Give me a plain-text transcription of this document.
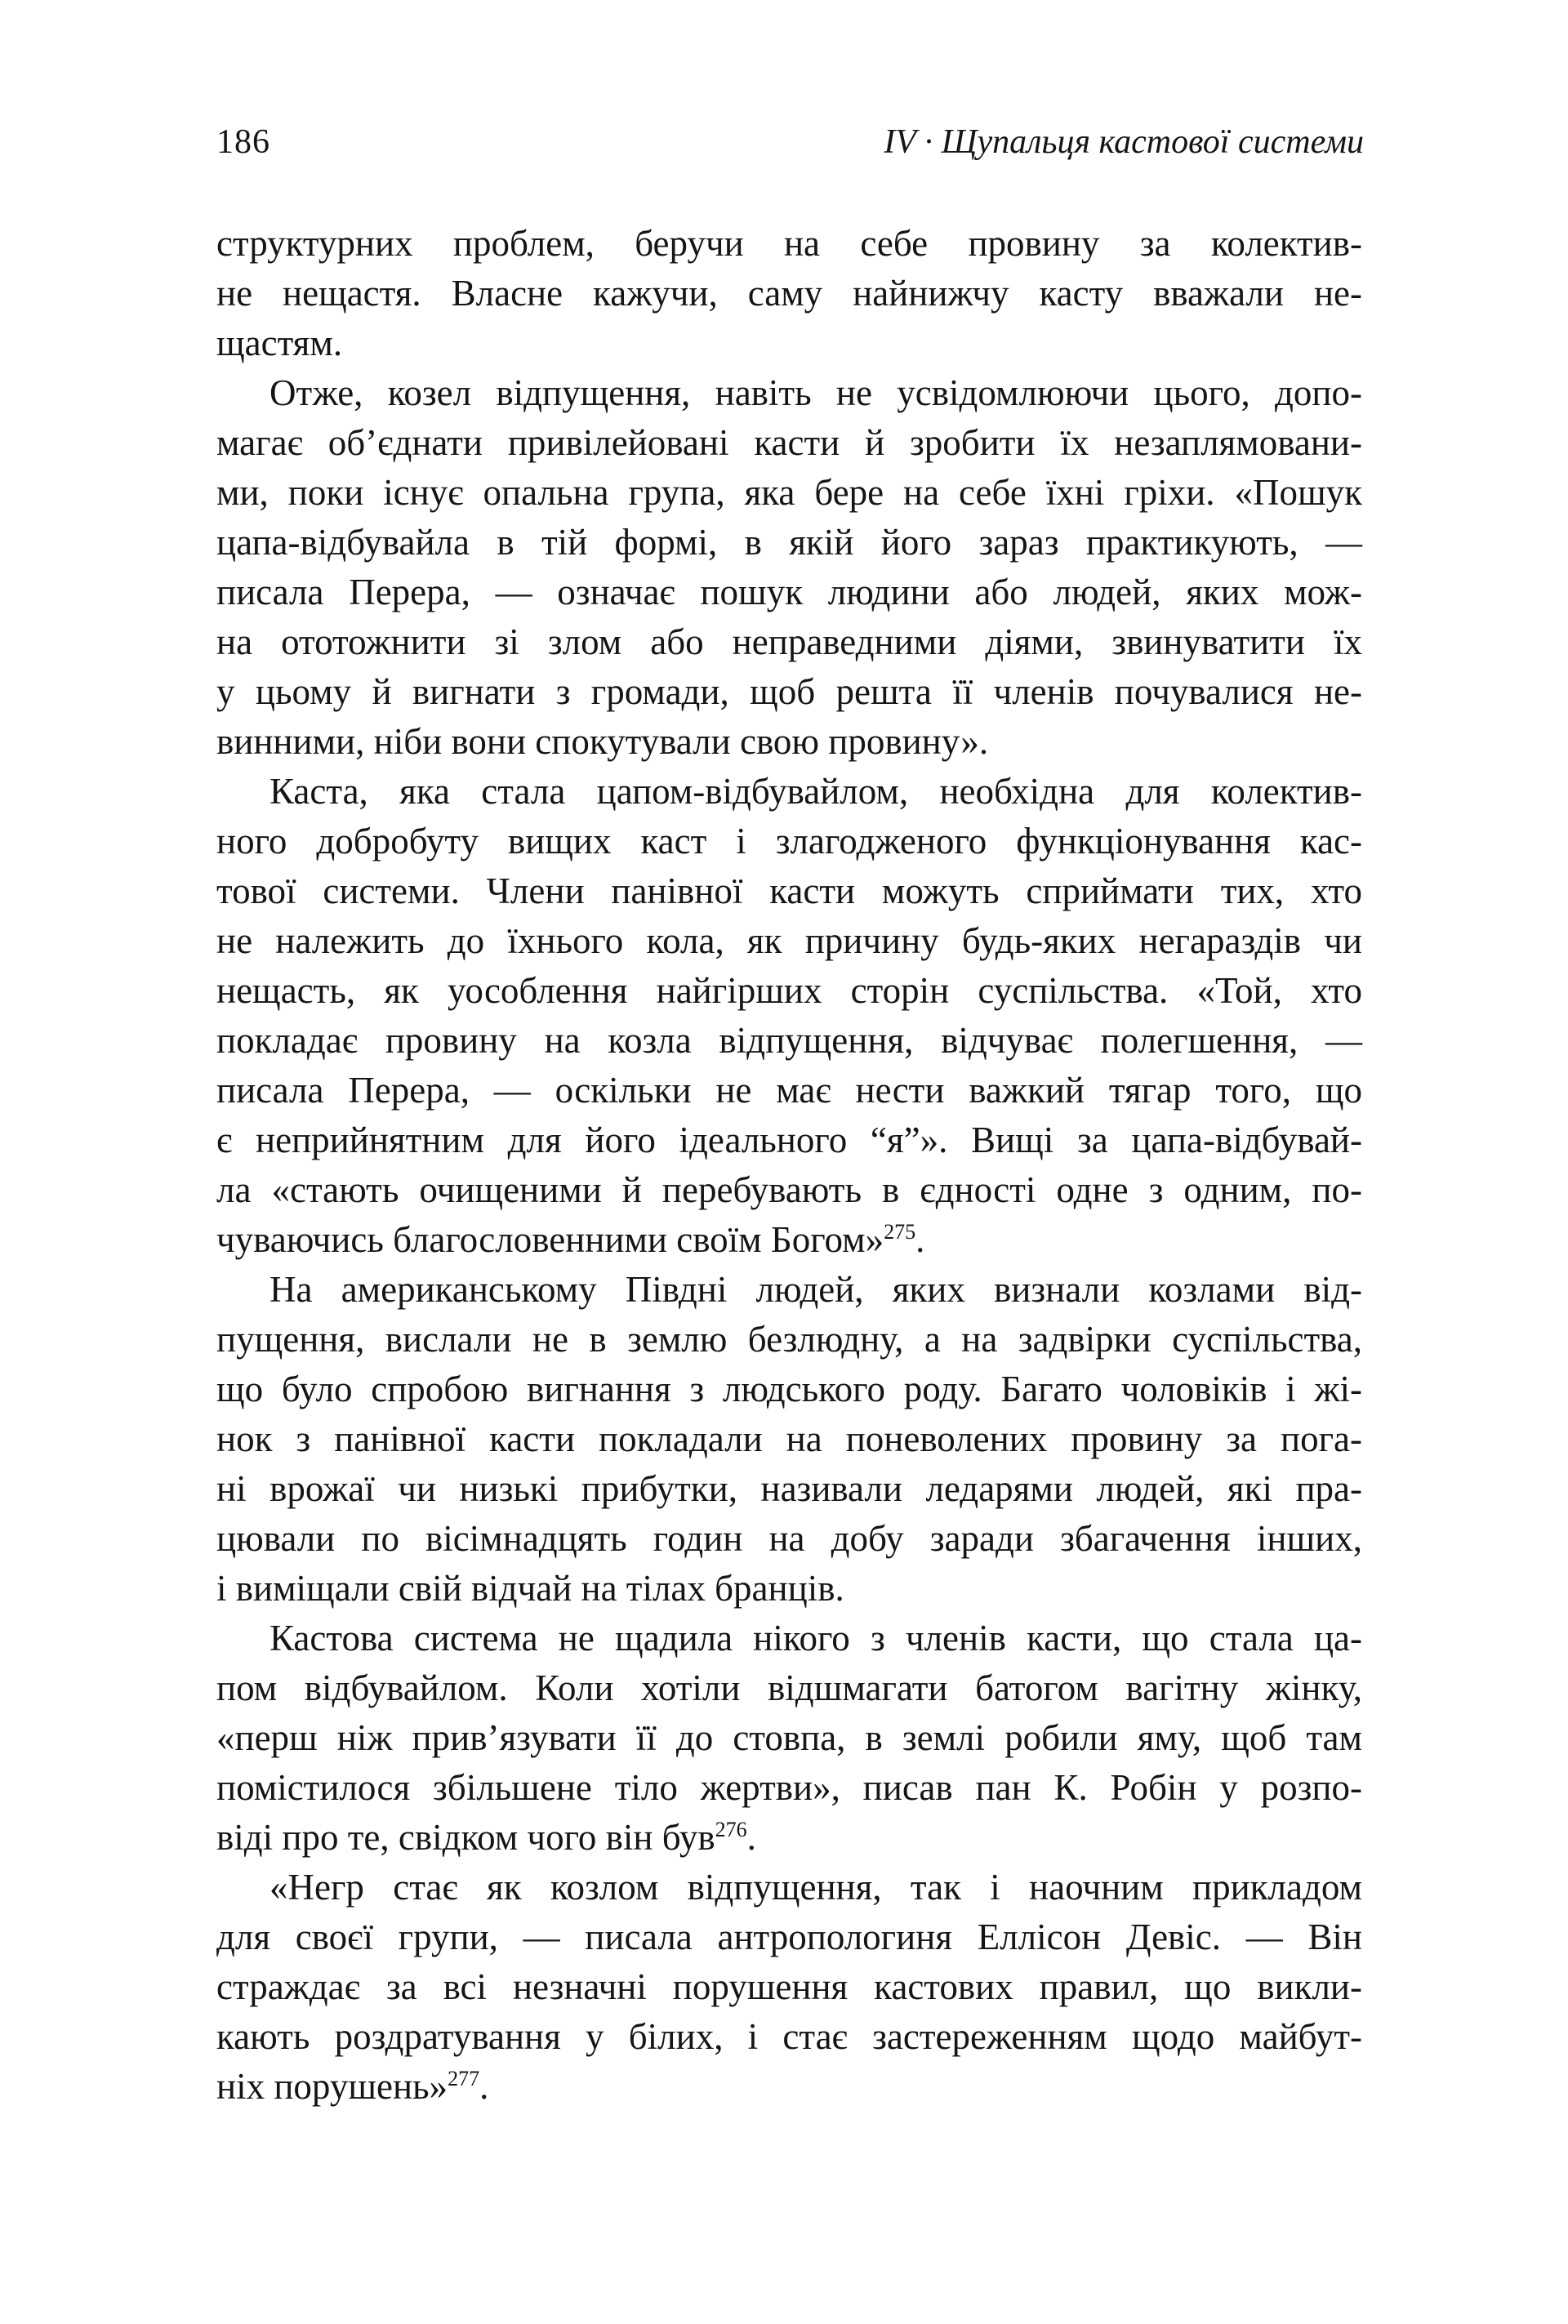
186	IV · Щупальця кастової системи

структурних проблем, беручи на себе провину за колектив-
не нещастя. Власне кажучи, саму найнижчу касту вважали не-
щастям.

Отже, козел відпущення, навіть не усвідомлюючи цього, допо-
магає об’єднати привілейовані касти й зробити їх незаплямовани-
ми, поки існує опальна група, яка бере на себе їхні гріхи. «Пошук
цапа-відбувайла в тій формі, в якій його зараз практикують, —
писала Перера, — означає пошук людини або людей, яких мож-
на ототожнити зі злом або неправедними діями, звинуватити їх
у цьому й вигнати з громади, щоб решта її членів почувалися не-
винними, ніби вони спокутували свою провину».

Каста, яка стала цапом-відбувайлом, необхідна для колектив-
ного добробуту вищих каст і злагодженого функціонування кас-
тової системи. Члени панівної касти можуть сприймати тих, хто
не належить до їхнього кола, як причину будь-яких негараздів чи
нещасть, як уособлення найгірших сторін суспільства. «Той, хто
покладає провину на козла відпущення, відчуває полегшення, —
писала Перера, — оскільки не має нести важкий тягар того, що
є неприйнятним для його ідеального “я”». Вищі за цапа-відбувай-
ла «стають очищеними й перебувають в єдності одне з одним, по-
чуваючись благословенними своїм Богом»$^{275}$.

На американському Півдні людей, яких визнали козлами від-
пущення, вислали не в землю безлюдну, а на задвірки суспільства,
що було спробою вигнання з людського роду. Багато чоловіків і жі-
нок з панівної касти покладали на поневолених провину за пога-
ні врожаї чи низькі прибутки, називали ледарями людей, які пра-
цювали по вісімнадцять годин на добу заради збагачення інших,
і виміщали свій відчай на тілах бранців.

Кастова система не щадила нікого з членів касти, що стала ца-
пом відбувайлом. Коли хотіли відшмагати батогом вагітну жінку,
«перш ніж прив’язувати її до стовпа, в землі робили яму, щоб там
помістилося збільшене тіло жертви», писав пан К. Робін у розпо-
віді про те, свідком чого він був$^{276}$.

«Негр стає як козлом відпущення, так і наочним прикладом
для своєї групи, — писала антропологиня Еллісон Девіс. — Він
страждає за всі незначні порушення кастових правил, що викли-
кають роздратування у білих, і стає застереженням щодо майбут-
ніх порушень»$^{277}$.
